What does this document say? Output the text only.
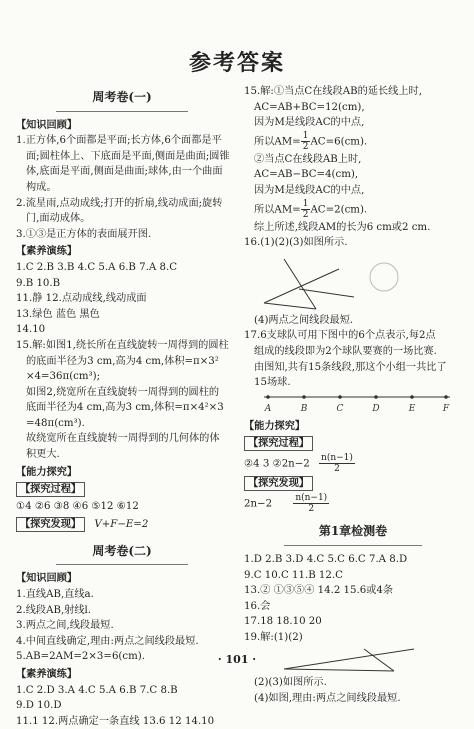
参考答案
周考卷(一)
【知识回顾】
1.正方体,6个面都是平面;长方体,6个面都是平
面;圆柱体上、下底面是平面,侧面是曲面;圆锥
体,底面是平面,侧面是曲面;球体,由一个曲面
构成。
2.流星雨,点动成线;打开的折扇,线动成面;旋转
门,面动成体。
3.①③是正方体的表面展开图.
【素养演练】
1.C 2.B 3.B 4.C 5.A 6.B 7.A 8.C
9.B 10.B
11.静 12.点动成线,线动成面
13.绿色 蓝色 黑色
14.10
15.解:如图1,绕长所在直线旋转一周得到的圆柱
的底面半径为3 cm,高为4 cm,体积=π×3²
×4=36π(cm³);
如图2,绕宽所在直线旋转一周得到的圆柱的
底面半径为4 cm,高为3 cm,体积=π×4²×3
=48π(cm³).
故绕宽所在直线旋转一周得到的几何体的体
积更大.
【能力探究】
【探究过程】
①4 ②6 ③8 ④6 ⑤12 ⑥12
【探究发现】 V+F−E=2
周考卷(二)
【知识回顾】
1.直线AB,直线a.
2.线段AB,射线l.
3.两点之间,线段最短.
4.中间直线确定,理由:两点之间线段最短.
5.AB=2AM=2×3=6(cm).
【素养演练】
1.C 2.D 3.A 4.C 5.A 6.B 7.C 8.B
9.D 10.D
11.1 12.两点确定一条直线 13.6 12 14.10
15.解:①当点C在线段AB的延长线上时,
AC=AB+BC=12(cm),
因为M是线段AC的中点,
所以$AM= \frac{1}{2} AC=6(cm)$.
②当点C在线段AB上时,
AC=AB−BC=4(cm),
因为M是线段AC的中点,
所以$AM= \frac{1}{2} AC=2(cm)$.
综上所述,线段AM的长为6 cm或2 cm.
16.(1)(2)(3)如图所示.
(4)两点之间线段最短.
17.6支球队可用下图中的6个点表示,每2点
组成的线段即为2个球队要赛的一场比赛.
由图知,共有15条线段,那这个小组一共比了
15场球.
A	B	C	D	E	F
【能力探究】
【探究过程】
②4 3 ②2n−2 $\frac{n(n-1)}{2}$
【探究发现】
$2n-2 \frac{n(n-1)}{2}$
第1章检测卷
1.D 2.B 3.D 4.C 5.C 6.C 7.A 8.D
9.C 10.C 11.B 12.C
13.② ①③⑤④ 14.2 15.6或4条
16.会
17.18 18.10 20
19.解:(1)(2)
(2)(3)如图所示.
(4)如图,理由:两点之间线段最短.
· 101 ·
